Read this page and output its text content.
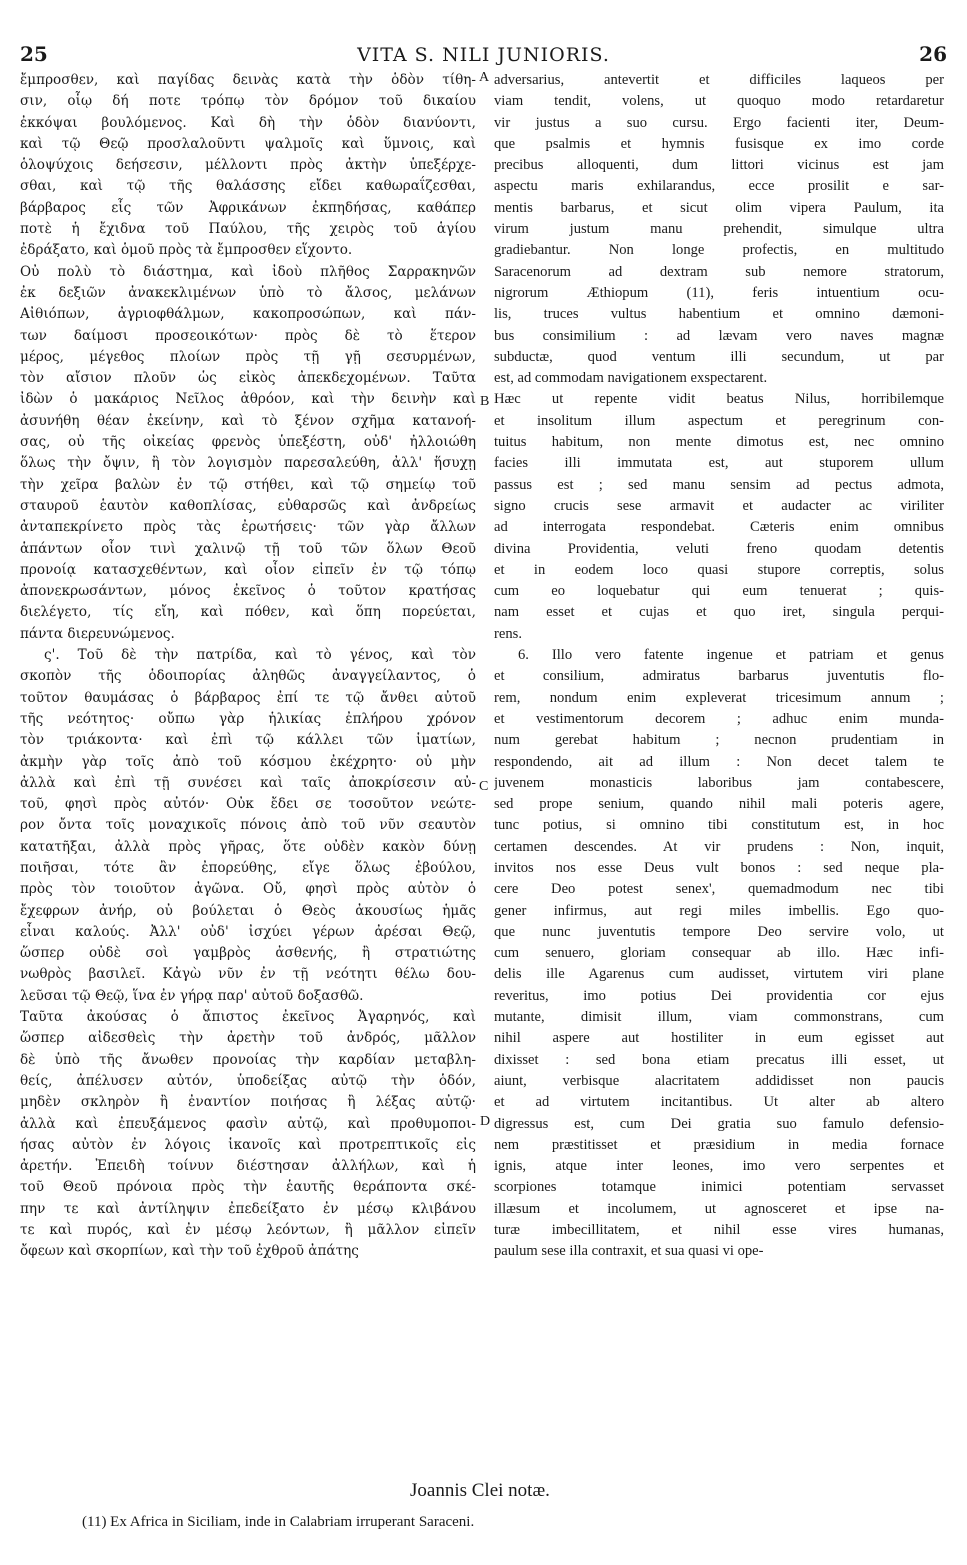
25	VITA S. NILI JUNIORIS.	26
ἔμπροσθεν, καὶ παγίδας δεινὰς κατὰ τὴν ὁδὸν τίθη-
σιν, οἷῳ δή ποτε τρόπῳ τὸν δρόμον τοῦ δικαίου
ἐκκόψαι βουλόμενος. Καὶ δὴ τὴν ὁδὸν διανύοντι,
καὶ τῷ Θεῷ προσλαλοῦντι ψαλμοῖς καὶ ὕμνοις, καὶ
ὁλοψύχοις δεήσεσιν, μέλλοντι πρὸς ἀκτὴν ὑπεξέρχε-
σθαι, καὶ τῷ τῆς θαλάσσης εἴδει καθωραΐζεσθαι,
βάρβαρος εἷς τῶν Ἀφρικάνων ἐκπηδήσας, καθάπερ
ποτὲ ἡ ἔχιδνα τοῦ Παύλου, τῆς χειρὸς τοῦ ἁγίου
ἐδράξατο, καὶ ὁμοῦ πρὸς τὰ ἔμπροσθεν εἵχοντο.
Οὐ πολὺ τὸ διάστημα, καὶ ἰδοὺ πλῆθος Σαρρακηνῶν
ἐκ δεξιῶν ἀνακεκλιμένων ὑπὸ τὸ ἄλσος, μελάνων
Αἰθιόπων, ἀγριοφθάλμων, κακοπροσώπων, καὶ πάν-
των δαίμοσι προσεοικότων· πρὸς δὲ τὸ ἕτερον
μέρος, μέγεθος πλοίων πρὸς τῇ γῇ σεσυρμένων,
τὸν αἴσιον πλοῦν ὡς εἰκὸς ἀπεκδεχομένων. Ταῦτα
ἰδὼν ὁ μακάριος Νεῖλος ἀθρόον, καὶ τὴν δεινὴν καὶ
ἀσυνήθη θέαν ἐκείνην, καὶ τὸ ξένον σχῆμα κατανοή-
σας, οὐ τῆς οἰκείας φρενὸς ὑπεξέστη, οὐδ' ἠλλοιώθη
ὅλως τὴν ὄψιν, ἢ τὸν λογισμὸν παρεσαλεύθη, ἀλλ' ἥσυχῃ
τὴν χεῖρα βαλὼν ἐν τῷ στήθει, καὶ τῷ σημείῳ τοῦ
σταυροῦ ἑαυτὸν καθοπλίσας, εὐθαρσῶς καὶ ἀνδρείως
ἀνταπεκρίνετο πρὸς τὰς ἐρωτήσεις· τῶν γὰρ ἄλλων
ἁπάντων οἷον τινὶ χαλινῷ τῇ τοῦ τῶν ὅλων Θεοῦ
προνοίᾳ κατασχεθέντων, καὶ οἷον εἰπεῖν ἐν τῷ τόπῳ
ἀπονεκρωσάντων, μόνος ἐκεῖνος ὁ τοῦτον κρατήσας
διελέγετο, τίς εἴη, καὶ πόθεν, καὶ ὅπη πορεύεται,
πάντα διερευνώμενος.
ς'. Τοῦ δὲ τὴν πατρίδα, καὶ τὸ γένος, καὶ τὸν
σκοπὸν τῆς ὁδοιπορίας ἀληθῶς ἀναγγείλαντος, ὁ
τοῦτον θαυμάσας ὁ βάρβαρος ἐπί τε τῷ ἄνθει αὐτοῦ
τῆς νεότητος· οὔπω γὰρ ἡλικίας ἐπλήρου χρόνον
τὸν τριάκοντα· καὶ ἐπὶ τῷ κάλλει τῶν ἱματίων,
ἀκμὴν γὰρ τοῖς ἀπὸ τοῦ κόσμου ἐκέχρητο· οὐ μὴν
ἀλλὰ καὶ ἐπὶ τῇ συνέσει καὶ ταῖς ἀποκρίσεσιν αὐ-
τοῦ, φησὶ πρὸς αὐτόν· Οὐκ ἔδει σε τοσοῦτον νεώτε-
ρον ὄντα τοῖς μοναχικοῖς πόνοις ἀπὸ τοῦ νῦν σεαυτὸν
κατατῆξαι, ἀλλὰ πρὸς γῆρας, ὅτε οὐδὲν κακὸν δύνῃ
ποιῆσαι, τότε ἂν ἐπορεύθης, εἴγε ὅλως ἐβούλου,
πρὸς τὸν τοιοῦτον ἀγῶνα. Οὔ, φησὶ πρὸς αὐτὸν ὁ
ἔχεφρων ἀνήρ, οὐ βούλεται ὁ Θεὸς ἀκουσίως ἡμᾶς
εἶναι καλούς. Ἀλλ' οὐδ' ἰσχύει γέρων ἀρέσαι Θεῷ,
ὥσπερ οὐδὲ σοὶ γαμβρὸς ἀσθενής, ἢ στρατιώτης
νωθρὸς βασιλεῖ. Κἀγὼ νῦν ἐν τῇ νεότητι θέλω δου-
λεῦσαι τῷ Θεῷ, ἵνα ἐν γήρᾳ παρ' αὐτοῦ δοξασθῶ.
Ταῦτα ἀκούσας ὁ ἄπιστος ἐκεῖνος Ἀγαρηνός, καὶ
ὥσπερ αἰδεσθεὶς τὴν ἀρετὴν τοῦ ἀνδρός, μᾶλλον
δὲ ὑπὸ τῆς ἄνωθεν προνοίας τὴν καρδίαν μεταβλη-
θείς, ἀπέλυσεν αὐτόν, ὑποδείξας αὐτῷ τὴν ὁδόν,
μηδὲν σκληρὸν ἢ ἐναντίον ποιήσας ἢ λέξας αὐτῷ·
ἀλλὰ καὶ ἐπευξάμενος φασὶν αὐτῷ, καὶ προθυμοποι-
ήσας αὐτὸν ἐν λόγοις ἱκανοῖς καὶ προτρεπτικοῖς εἰς
ἀρετήν. Ἐπειδὴ τοίνυν διέστησαν ἀλλήλων, καὶ ἡ
τοῦ Θεοῦ πρόνοια πρὸς τὴν ἑαυτῆς θεράποντα σκέ-
πην τε καὶ ἀντίληψιν ἐπεδείξατο ἐν μέσῳ κλιβάνου
τε καὶ πυρός, καὶ ἐν μέσῳ λεόντων, ἢ μᾶλλον εἰπεῖν
ὄφεων καὶ σκορπίων, καὶ τὴν τοῦ ἐχθροῦ ἀπάτης
adversarius, antevertit et difficiles laqueos per
viam tendit, volens, ut quoquo modo retardaretur
vir justus a suo cursu. Ergo facienti iter, Deum-
que psalmis et hymnis fusisque ex imo corde
precibus alloquenti, dum littori vicinus est jam
aspectu maris exhilarandus, ecce prosilit e sar-
mentis barbarus, et sicut olim vipera Paulum, ita
virum justum manu prehendit, simulque ultra
gradiebantur. Non longe profectis, en multitudo
Saracenorum ad dextram sub nemore stratorum,
nigrorum Æthiopum (11), feris intuentium ocu-
lis, truces vultus habentium et omnino dæmoni-
bus consimilium : ad lævam vero naves magnæ
subductæ, quod ventum illi secundum, ut par
est, ad commodam navigationem exspectarent.
Hæc ut repente vidit beatus Nilus, horribilemque
et insolitum illum aspectum et peregrinum con-
tuitus habitum, non mente dimotus est, nec omnino
facies illi immutata est, aut stuporem ullum
passus est ; sed manu sensim ad pectus admota,
signo crucis sese armavit et audacter ac viriliter
ad interrogata respondebat. Cæteris enim omnibus
divina Providentia, veluti freno quodam detentis
et in eodem loco quasi stupore correptis, solus
cum eo loquebatur qui eum tenuerat ; quis-
nam esset et cujas et quo iret, singula perqui-
rens.
6. Illo vero fatente ingenue et patriam et genus
et consilium, admiratus barbarus juventutis flo-
rem, nondum enim expleverat tricesimum annum ;
et vestimentorum decorem ; adhuc enim munda-
num gerebat habitum ; necnon prudentiam in
respondendo, ait ad illum : Non decet talem te
juvenem monasticis laboribus jam contabescere,
sed prope senium, quando nihil mali poteris agere,
tunc potius, si omnino tibi constitutum est, in hoc
certamen descendes. At vir prudens : Non, inquit,
invitos nos esse Deus vult bonos : sed neque pla-
cere Deo potest senex', quemadmodum nec tibi
gener infirmus, aut regi miles imbellis. Ego quo-
que nunc juventutis tempore Deo servire volo, ut
cum senuero, gloriam consequar ab illo. Hæc infi-
delis ille Agarenus cum audisset, virtutem viri plane
reveritus, imo potius Dei providentia cor ejus
mutante, dimisit illum, viam commonstrans, cum
nihil aspere aut hostiliter in eum egisset aut
dixisset : sed bona etiam precatus illi esset, ut
aiunt, verbisque alacritatem addidisset non paucis
et ad virtutem incitantibus. Ut alter ab altero
digressus est, cum Dei gratia suo famulo defensio-
nem præstitisset et præsidium in media fornace
ignis, atque inter leones, imo vero serpentes et
scorpiones totamque inimici potentiam servasset
illæsum et incolumem, ut agnosceret et ipse na-
turæ imbecillitatem, et nihil esse vires humanas,
paulum sese illa contraxit, et sua quasi vi ope-
A
B
C
D
Joannis Clei notæ.
(11) Ex Africa in Siciliam, inde in Calabriam irruperant Saraceni.
